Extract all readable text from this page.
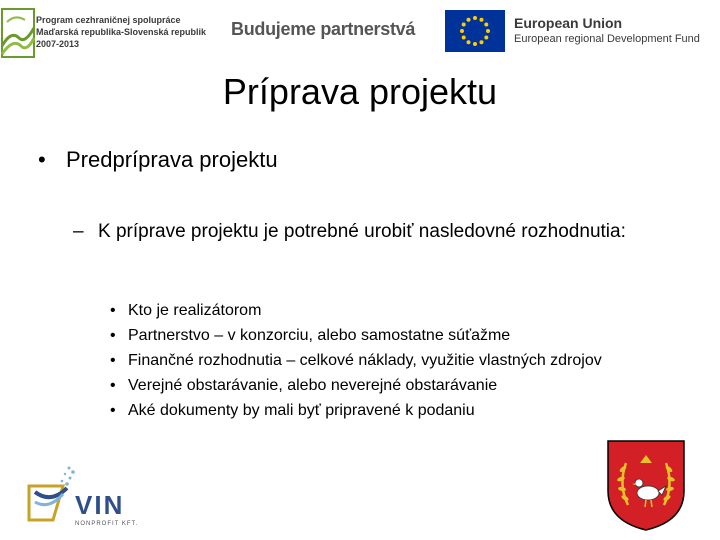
Program cezhraničnej spolupráce
Maďarská republika-Slovenská republik
2007-2013
Budujeme partnerstvá	European Union
European regional Development Fund
Príprava projektu
• Predpríprava projektu
– K príprave projektu je potrebné urobiť nasledovné rozhodnutia:
• Kto je realizátorom
• Partnerstvo – v konzorciu, alebo samostatne súťažme
• Finančné rozhodnutia – celkové náklady, využitie vlastných zdrojov
• Verejné obstarávanie, alebo neverejné obstarávanie
• Aké dokumenty by mali byť pripravené k podaniu
VIN
NONPROFIT KFT.
